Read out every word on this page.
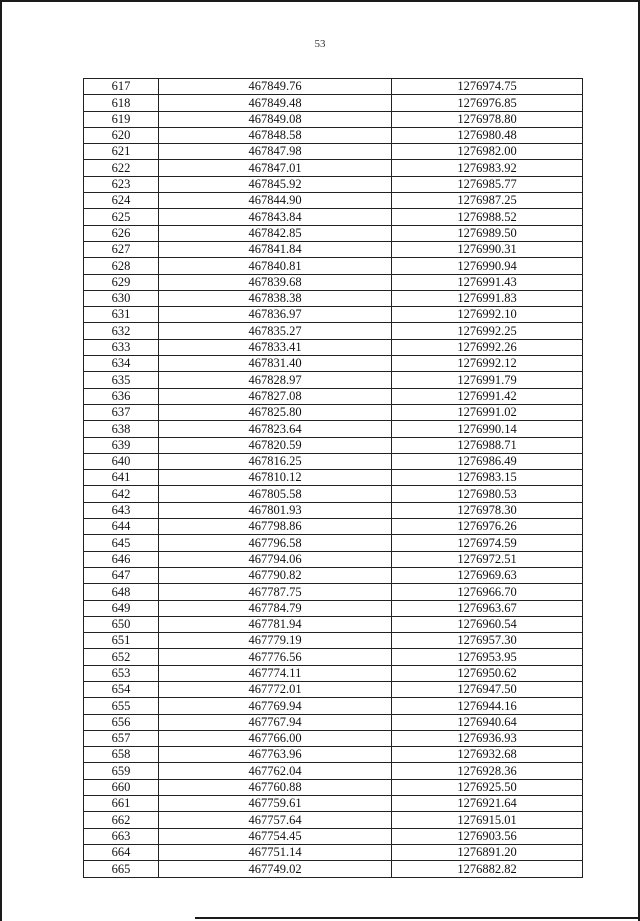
53
617	467849.76	1276974.75
618	467849.48	1276976.85
619	467849.08	1276978.80
620	467848.58	1276980.48
621	467847.98	1276982.00
622	467847.01	1276983.92
623	467845.92	1276985.77
624	467844.90	1276987.25
625	467843.84	1276988.52
626	467842.85	1276989.50
627	467841.84	1276990.31
628	467840.81	1276990.94
629	467839.68	1276991.43
630	467838.38	1276991.83
631	467836.97	1276992.10
632	467835.27	1276992.25
633	467833.41	1276992.26
634	467831.40	1276992.12
635	467828.97	1276991.79
636	467827.08	1276991.42
637	467825.80	1276991.02
638	467823.64	1276990.14
639	467820.59	1276988.71
640	467816.25	1276986.49
641	467810.12	1276983.15
642	467805.58	1276980.53
643	467801.93	1276978.30
644	467798.86	1276976.26
645	467796.58	1276974.59
646	467794.06	1276972.51
647	467790.82	1276969.63
648	467787.75	1276966.70
649	467784.79	1276963.67
650	467781.94	1276960.54
651	467779.19	1276957.30
652	467776.56	1276953.95
653	467774.11	1276950.62
654	467772.01	1276947.50
655	467769.94	1276944.16
656	467767.94	1276940.64
657	467766.00	1276936.93
658	467763.96	1276932.68
659	467762.04	1276928.36
660	467760.88	1276925.50
661	467759.61	1276921.64
662	467757.64	1276915.01
663	467754.45	1276903.56
664	467751.14	1276891.20
665	467749.02	1276882.82
